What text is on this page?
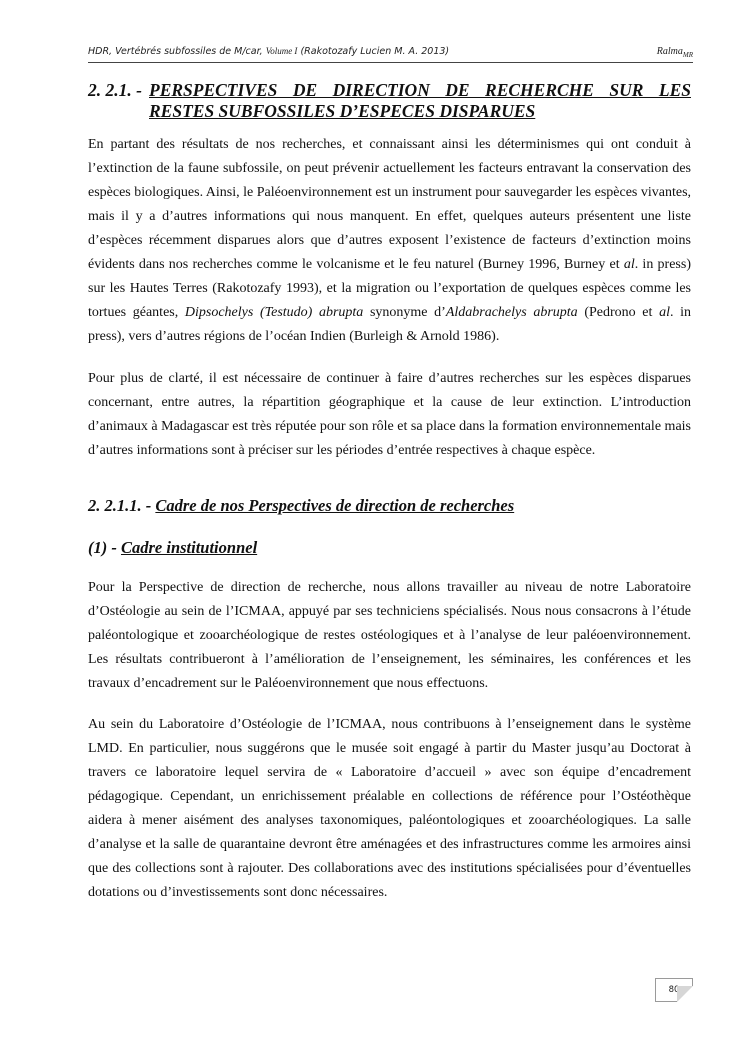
HDR, Vertébrés subfossiles de M/car, Volume I (Rakotozafy Lucien M. A. 2013)	Ralma$_{MR}$
2. 2.1. - PERSPECTIVES DE DIRECTION DE RECHERCHE SUR LES RESTES SUBFOSSILES D’ESPECES DISPARUES

En partant des résultats de nos recherches, et connaissant ainsi les déterminismes qui ont conduit à l’extinction de la faune subfossile, on peut prévenir actuellement les facteurs entravant la conservation des espèces biologiques. Ainsi, le Paléoenvironnement est un instrument pour sauvegarder les espèces vivantes, mais il y a d’autres informations qui nous manquent. En effet, quelques auteurs présentent une liste d’espèces récemment disparues alors que d’autres exposent l’existence de facteurs d’extinction moins évidents dans nos recherches comme le volcanisme et le feu naturel (Burney 1996, Burney et al. in press) sur les Hautes Terres (Rakotozafy 1993), et la migration ou l’exportation de quelques espèces comme les tortues géantes, Dipsochelys (Testudo) abrupta synonyme d’Aldabrachelys abrupta (Pedrono et al. in press), vers d’autres régions de l’océan Indien (Burleigh & Arnold 1986).

Pour plus de clarté, il est nécessaire de continuer à faire d’autres recherches sur les espèces disparues concernant, entre autres, la répartition géographique et la cause de leur extinction. L’introduction d’animaux à Madagascar est très réputée pour son rôle et sa place dans la formation environnementale mais d’autres informations sont à préciser sur les périodes d’entrée respectives à chaque espèce.

2. 2.1.1. - Cadre de nos Perspectives de direction de recherches
(1) - Cadre institutionnel

Pour la Perspective de direction de recherche, nous allons travailler au niveau de notre Laboratoire d’Ostéologie au sein de l’ICMAA, appuyé par ses techniciens spécialisés. Nous nous consacrons à l’étude paléontologique et zooarchéologique de restes ostéologiques et à l’analyse de leur paléoenvironnement. Les résultats contribueront à l’amélioration de l’enseignement, les séminaires, les conférences et les travaux d’encadrement sur le Paléoenvironnement que nous effectuons.

Au sein du Laboratoire d’Ostéologie de l’ICMAA, nous contribuons à l’enseignement dans le système LMD. En particulier, nous suggérons que le musée soit engagé à partir du Master jusqu’au Doctorat à travers ce laboratoire lequel servira de « Laboratoire d’accueil » avec son équipe d’encadrement pédagogique. Cependant, un enrichissement préalable en collections de référence pour l’Ostéothèque aidera à mener aisément des analyses taxonomiques, paléontologiques et zooarchéologiques. La salle d’analyse et la salle de quarantaine devront être aménagées et des infrastructures comme les armoires ainsi que des collections sont à rajouter. Des collaborations avec des institutions spécialisées pour d’éventuelles dotations ou d’investissements sont donc nécessaires.

80
